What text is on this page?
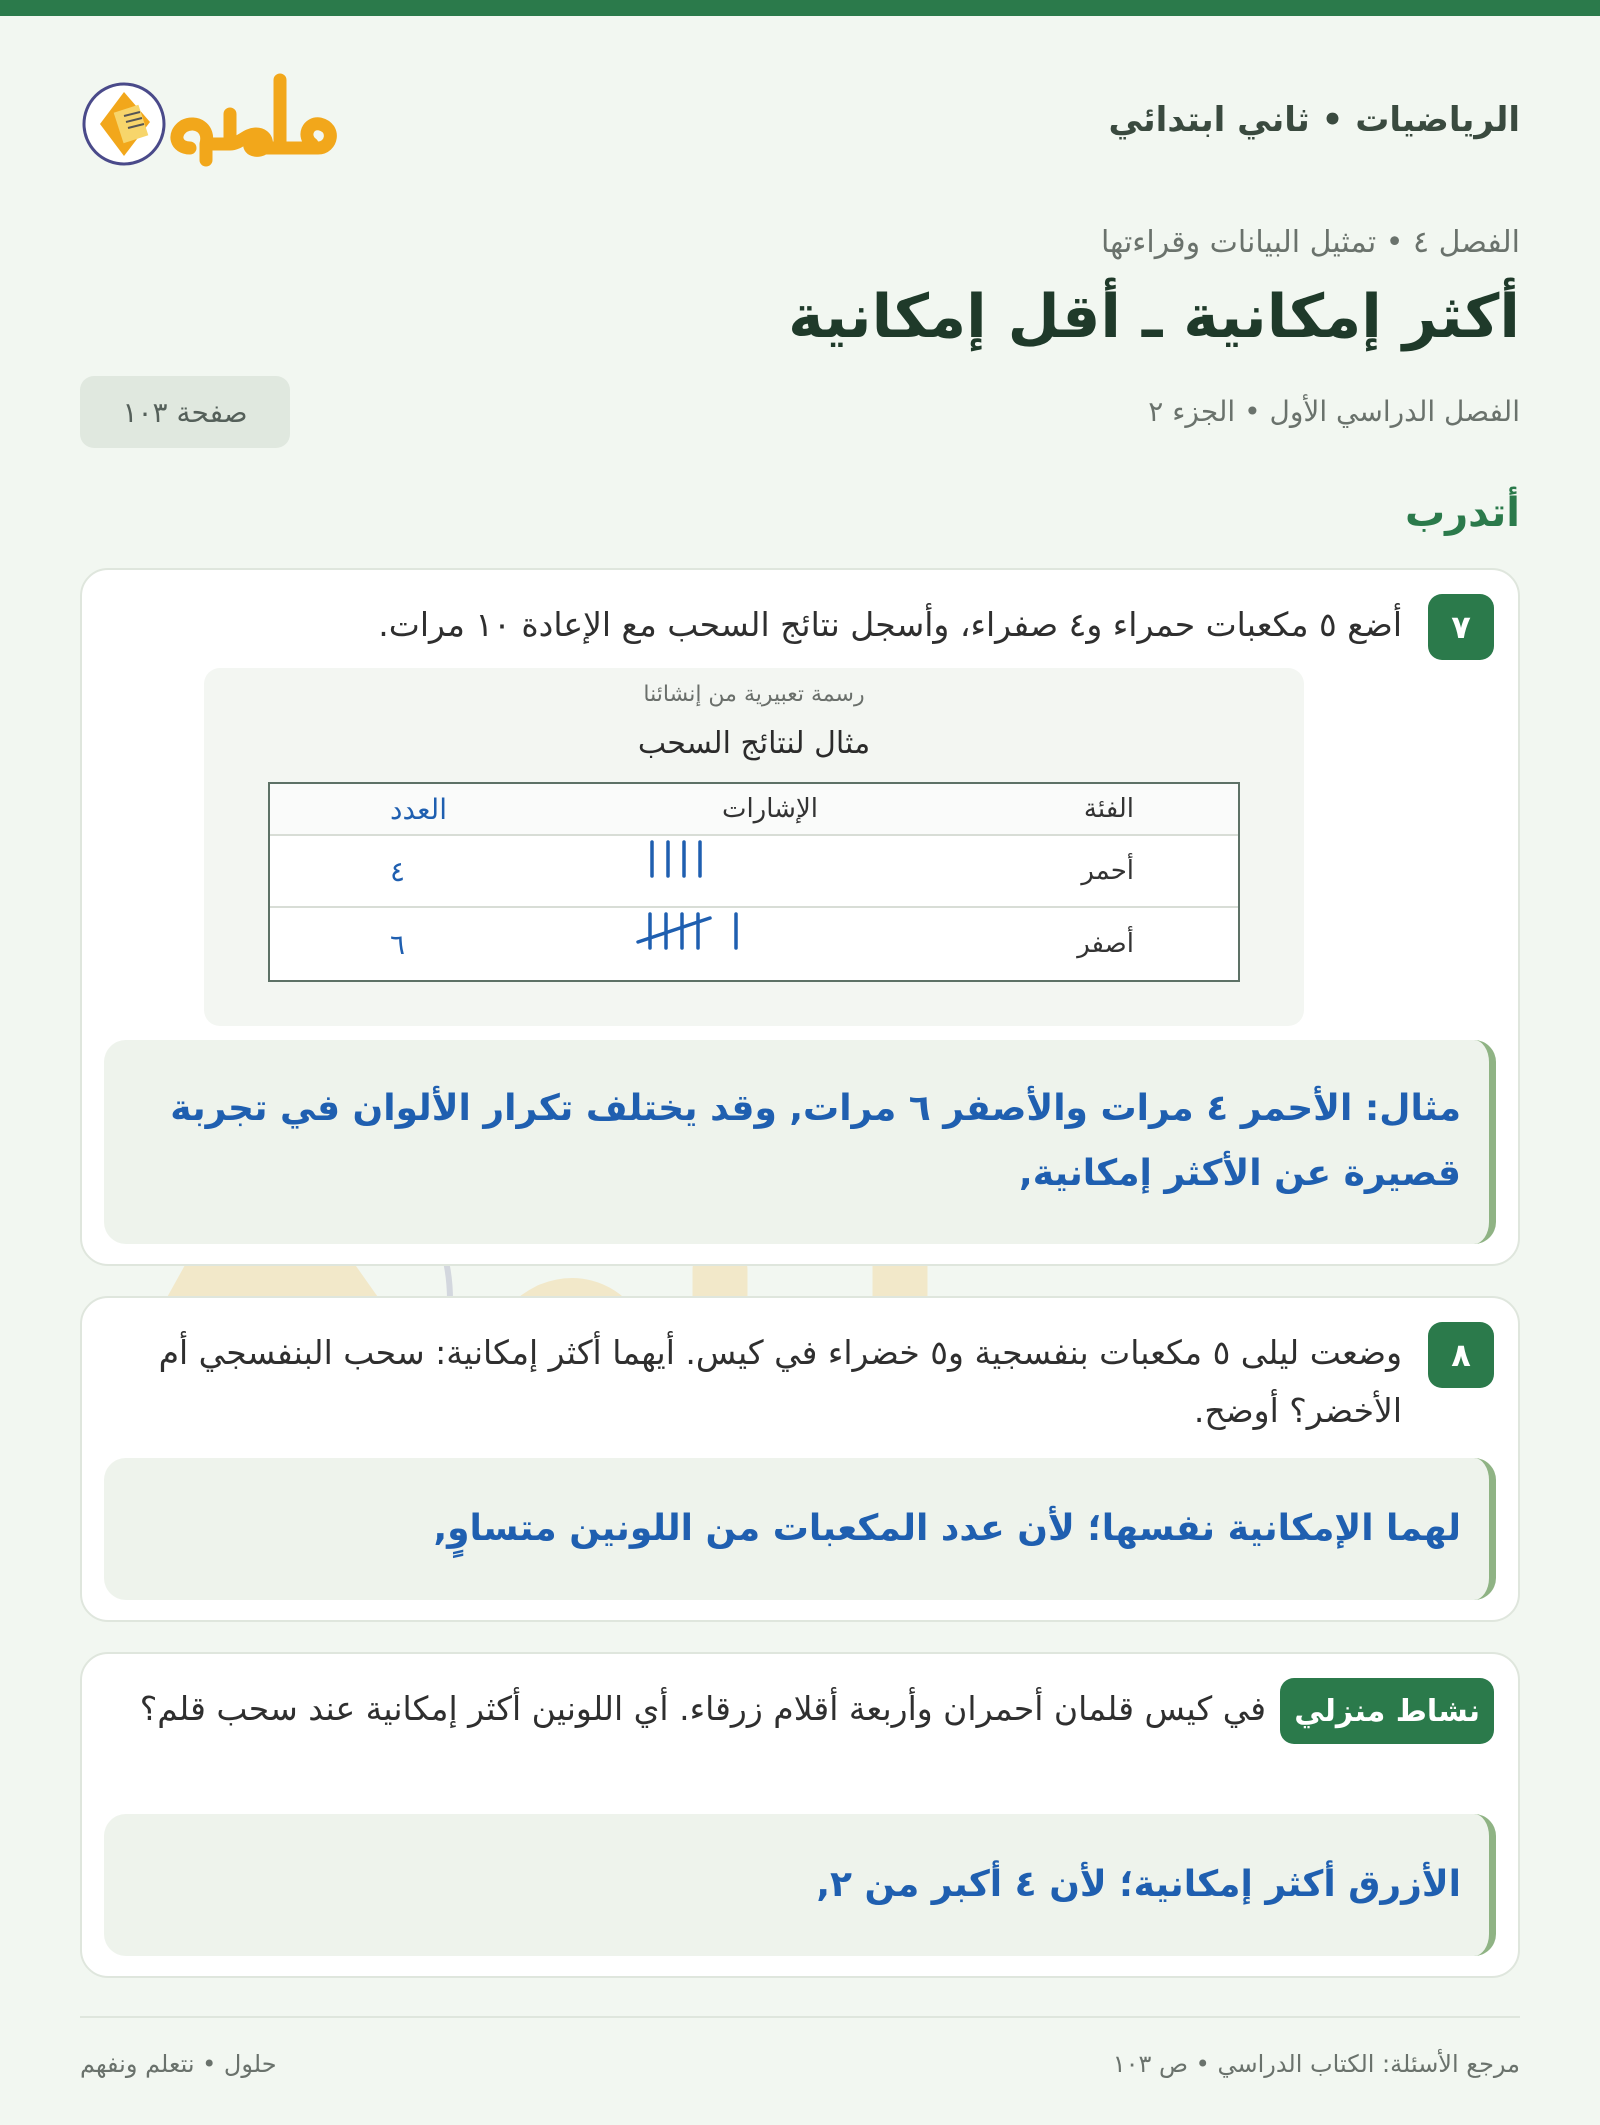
الرياضيات • ثاني ابتدائي
الفصل ٤ • تمثيل البيانات وقراءتها
أكثر إمكانية ـ أقل إمكانية
الفصل الدراسي الأول • الجزء ٢
صفحة ١٠٣
أتدرب
٧
أضع ٥ مكعبات حمراء و٤ صفراء، وأسجل نتائج السحب مع الإعادة ١٠ مرات.
رسمة تعبيرية من إنشائنا
مثال لنتائج السحب
الفئة
الإشارات
العدد
أحمر
٤
أصفر
٦
مثال: الأحمر ٤ مرات والأصفر ٦ مرات, وقد يختلف تكرار الألوان في تجربة قصيرة عن الأكثر إمكانية,
٨
وضعت ليلى ٥ مكعبات بنفسجية و٥ خضراء في كيس. أيهما أكثر إمكانية: سحب البنفسجي أم الأخضر؟ أوضح.
لهما الإمكانية نفسها؛ لأن عدد المكعبات من اللونين متساوٍ,
نشاط منزلي
في كيس قلمان أحمران وأربعة أقلام زرقاء. أي اللونين أكثر إمكانية عند سحب قلم؟
الأزرق أكثر إمكانية؛ لأن ٤ أكبر من ٢,
مرجع الأسئلة: الكتاب الدراسي • ص ١٠٣
حلول • نتعلم ونفهم
